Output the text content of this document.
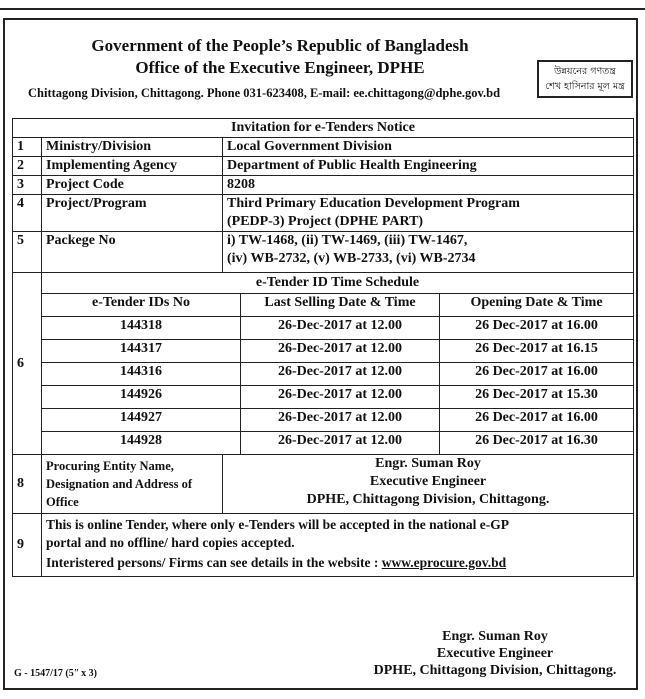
Government of the People’s Republic of Bangladesh
Office of the Executive Engineer, DPHE
Chittagong Division, Chittagong. Phone 031-623408, E-mail: ee.chittagong@dphe.gov.bd
উন্নয়নের গণতন্ত্র
শেখ হাসিনার মূল মন্ত্র
Invitation for e-Tenders Notice
1	Ministry/Division	Local Government Division
2	Implementing Agency	Department of Public Health Engineering
3	Project Code	8208
4	Project/Program	Third Primary Education Development Program
(PEDP-3) Project (DPHE PART)

5	Packege No	i) TW-1468, (ii) TW-1469, (iii) TW-1467,
(iv) WB-2732, (v) WB-2733, (vi) WB-2734

6	
e-Tender ID Time Schedule
e-Tender IDs No	Last Selling Date & Time	Opening Date & Time
144318	26-Dec-2017 at 12.00	26 Dec-2017 at 16.00
144317	26-Dec-2017 at 12.00	26 Dec-2017 at 16.15
144316	26-Dec-2017 at 12.00	26 Dec-2017 at 16.00
144926	26-Dec-2017 at 12.00	26 Dec-2017 at 15.30
144927	26-Dec-2017 at 12.00	26 Dec-2017 at 16.00
144928	26-Dec-2017 at 12.00	26 Dec-2017 at 16.30

8	
Procuring Entity Name,
Designation and Address of Office

Engr. Suman Roy
Executive Engineer
DPHE, Chittagong Division, Chittagong.

9	
This is online Tender, where only e-Tenders will be accepted in the national e-GP
portal and no offline/ hard copies accepted.
Interistered persons/ Firms can see details in the website : www.eprocure.gov.bd
Engr. Suman Roy
Executive Engineer
DPHE, Chittagong Division, Chittagong.
G - 1547/17 (5ʺ x 3)
